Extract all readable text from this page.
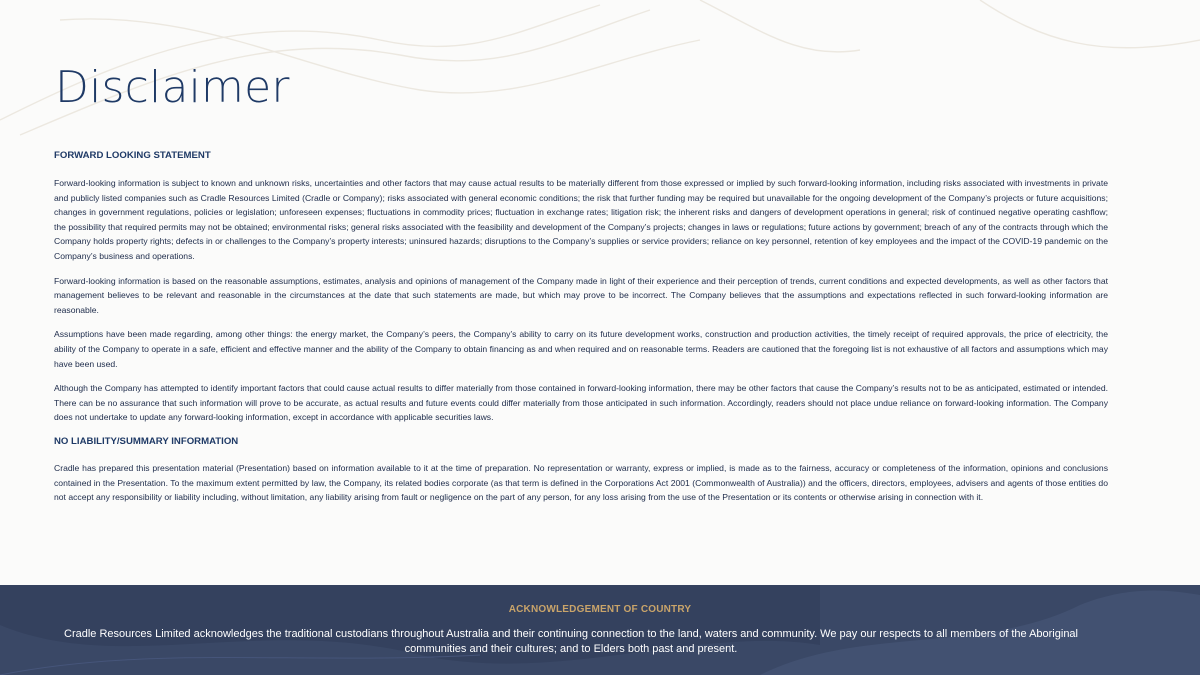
Disclaimer
FORWARD LOOKING STATEMENT

Forward-looking information is subject to known and unknown risks, uncertainties and other factors that may cause actual results to be materially different from those expressed or implied by such forward-looking information, including risks associated with investments in private and publicly listed companies such as Cradle Resources Limited (Cradle or Company); risks associated with general economic conditions; the risk that further funding may be required but unavailable for the ongoing development of the Company’s projects or future acquisitions; changes in government regulations, policies or legislation; unforeseen expenses; fluctuations in commodity prices; fluctuation in exchange rates; litigation risk; the inherent risks and dangers of development operations in general; risk of continued negative operating cashflow; the possibility that required permits may not be obtained; environmental risks; general risks associated with the feasibility and development of the Company’s projects; changes in laws or regulations; future actions by government; breach of any of the contracts through which the Company holds property rights; defects in or challenges to the Company’s property interests; uninsured hazards; disruptions to the Company’s supplies or service providers; reliance on key personnel, retention of key employees and the impact of the COVID-19 pandemic on the Company’s business and operations.

Forward-looking information is based on the reasonable assumptions, estimates, analysis and opinions of management of the Company made in light of their experience and their perception of trends, current conditions and expected developments, as well as other factors that management believes to be relevant and reasonable in the circumstances at the date that such statements are made, but which may prove to be incorrect. The Company believes that the assumptions and expectations reflected in such forward-looking information are reasonable.

Assumptions have been made regarding, among other things: the energy market, the Company’s peers, the Company’s ability to carry on its future development works, construction and production activities, the timely receipt of required approvals, the price of electricity, the ability of the Company to operate in a safe, efficient and effective manner and the ability of the Company to obtain financing as and when required and on reasonable terms. Readers are cautioned that the foregoing list is not exhaustive of all factors and assumptions which may have been used.

Although the Company has attempted to identify important factors that could cause actual results to differ materially from those contained in forward-looking information, there may be other factors that cause the Company’s results not to be as anticipated, estimated or intended. There can be no assurance that such information will prove to be accurate, as actual results and future events could differ materially from those anticipated in such information. Accordingly, readers should not place undue reliance on forward-looking information. The Company does not undertake to update any forward-looking information, except in accordance with applicable securities laws.

NO LIABILITY/SUMMARY INFORMATION

Cradle has prepared this presentation material (Presentation) based on information available to it at the time of preparation. No representation or warranty, express or implied, is made as to the fairness, accuracy or completeness of the information, opinions and conclusions contained in the Presentation. To the maximum extent permitted by law, the Company, its related bodies corporate (as that term is defined in the Corporations Act 2001 (Commonwealth of Australia)) and the officers, directors, employees, advisers and agents of those entities do not accept any responsibility or liability including, without limitation, any liability arising from fault or negligence on the part of any person, for any loss arising from the use of the Presentation or its contents or otherwise arising in connection with it.

ACKNOWLEDGEMENT OF COUNTRY
Cradle Resources Limited acknowledges the traditional custodians throughout Australia and their continuing connection to the land, waters and community. We pay our respects to all members of the Aboriginal communities and their cultures; and to Elders both past and present.
